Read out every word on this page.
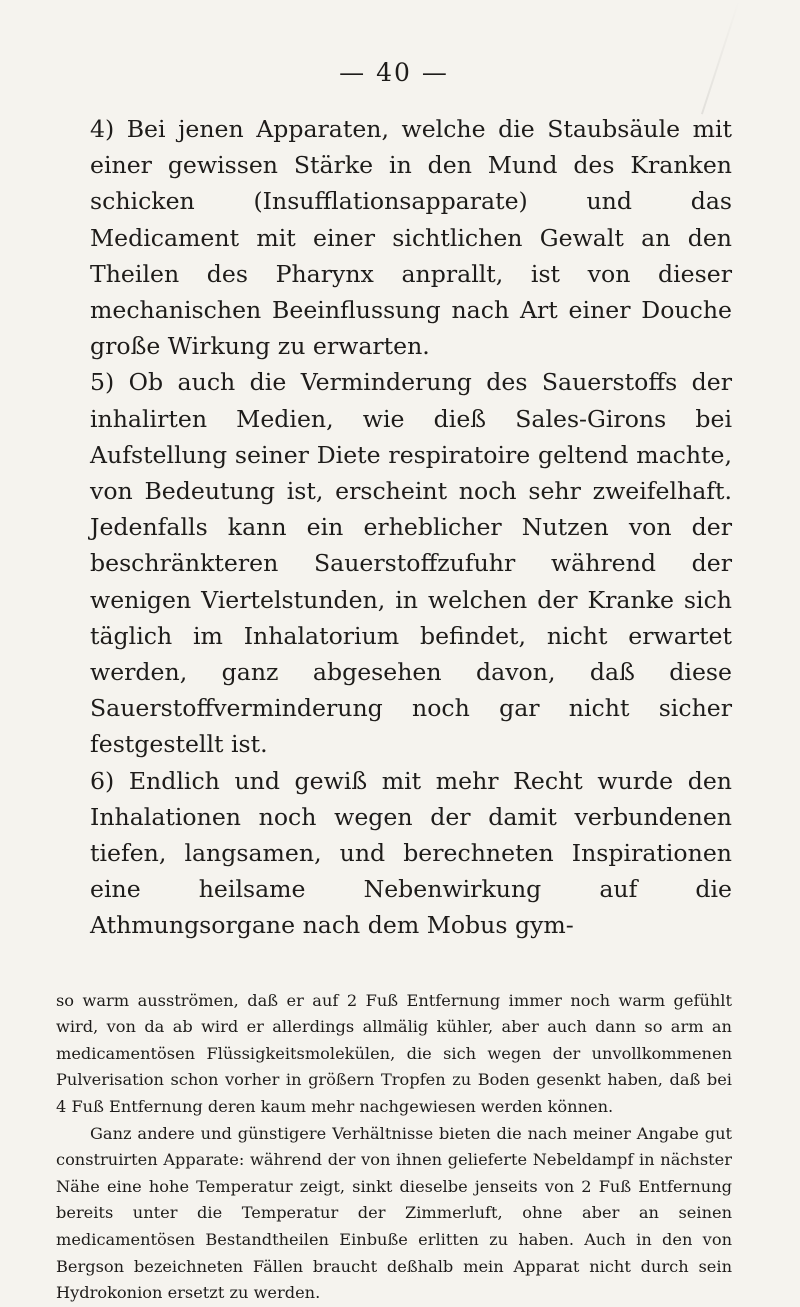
— 40 —

4) Bei jenen Apparaten, welche die Staubsäule mit einer gewissen Stärke in den Mund des Kranken schicken (Insufflationsapparate) und das Medicament mit einer sichtlichen Gewalt an den Theilen des Pharynx anprallt, ist von dieser mechanischen Beeinflussung nach Art einer Douche große Wirkung zu erwarten.

5) Ob auch die Verminderung des Sauerstoffs der inhalirten Medien, wie dieß Sales-Girons bei Aufstellung seiner Diete respiratoire geltend machte, von Bedeutung ist, erscheint noch sehr zweifelhaft. Jedenfalls kann ein erheblicher Nutzen von der beschränkteren Sauerstoffzufuhr während der wenigen Viertelstunden, in welchen der Kranke sich täglich im Inhalatorium befindet, nicht erwartet werden, ganz abgesehen davon, daß diese Sauerstoffverminderung noch gar nicht sicher festgestellt ist.

6) Endlich und gewiß mit mehr Recht wurde den Inhalationen noch wegen der damit verbundenen tiefen, langsamen, und berechneten Inspirationen eine heilsame Nebenwirkung auf die Athmungsorgane nach dem Mobus gym-

so warm ausströmen, daß er auf 2 Fuß Entfernung immer noch warm gefühlt wird, von da ab wird er allerdings allmälig kühler, aber auch dann so arm an medicamentösen Flüssigkeitsmolekülen, die sich wegen der unvollkommenen Pulverisation schon vorher in größern Tropfen zu Boden gesenkt haben, daß bei 4 Fuß Entfernung deren kaum mehr nachgewiesen werden können.

Ganz andere und günstigere Verhältnisse bieten die nach meiner Angabe gut construirten Apparate: während der von ihnen gelieferte Nebeldampf in nächster Nähe eine hohe Temperatur zeigt, sinkt dieselbe jenseits von 2 Fuß Entfernung bereits unter die Temperatur der Zimmerluft, ohne aber an seinen medicamentösen Bestandtheilen Einbuße erlitten zu haben. Auch in den von Bergson bezeichneten Fällen braucht deßhalb mein Apparat nicht durch sein Hydrokonion ersetzt zu werden.
